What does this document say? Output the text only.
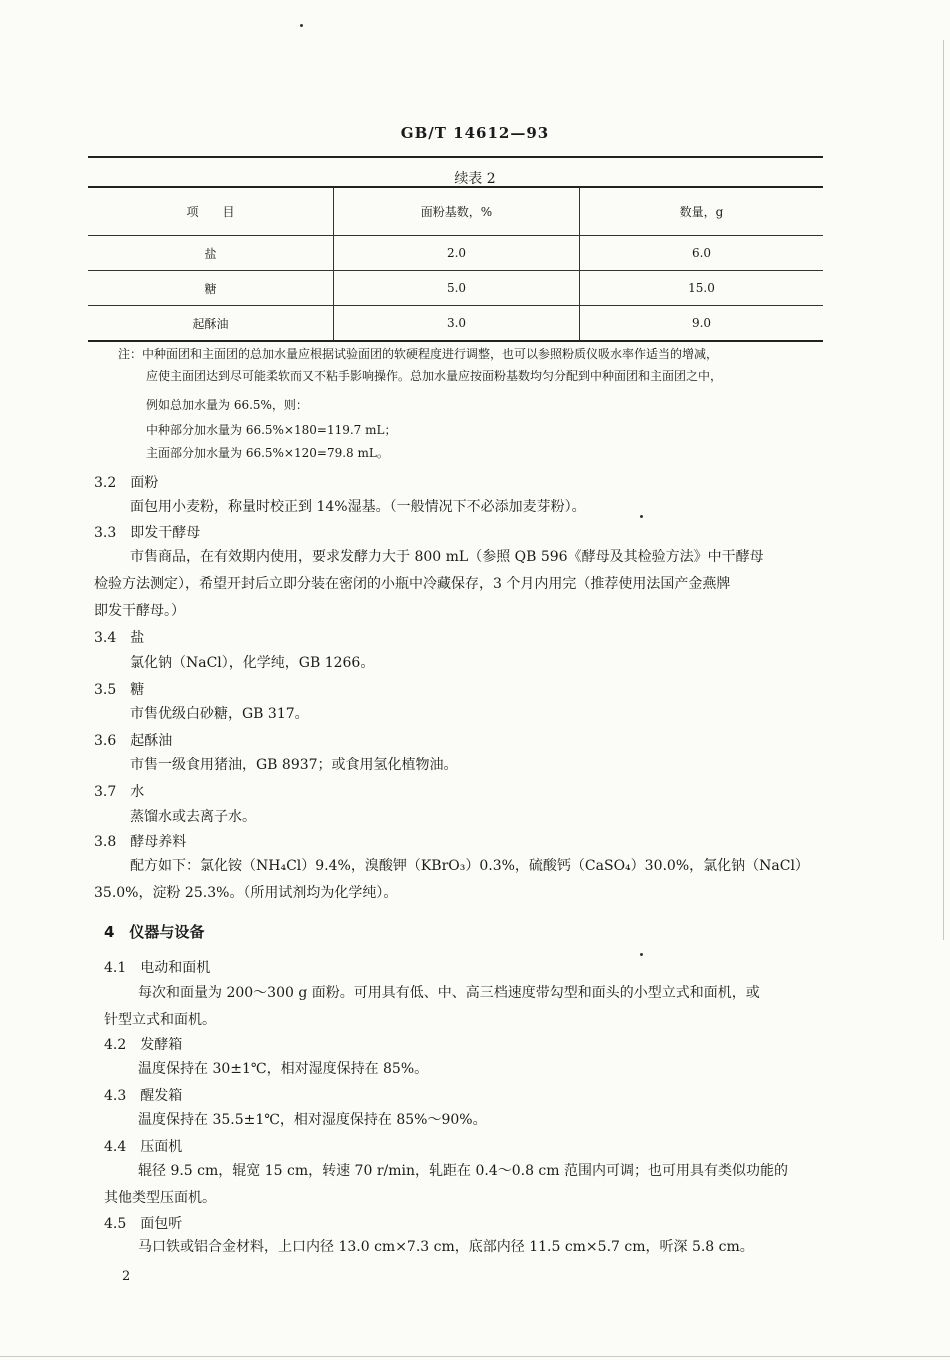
GB/T 14612—93
续表 2
项　　目	面粉基数，%	数量，g
盐	2.0	6.0
糖	5.0	15.0
起酥油	3.0	9.0
注：中种面团和主面团的总加水量应根据试验面团的软硬程度进行调整，也可以参照粉质仪吸水率作适当的增减，
应使主面团达到尽可能柔软而又不粘手影响操作。总加水量应按面粉基数均匀分配到中种面团和主面团之中，
例如总加水量为 66.5%，则：
中种部分加水量为 66.5%×180=119.7 mL；
主面部分加水量为 66.5%×120=79.8 mL。
3.2　面粉
面包用小麦粉，称量时校正到 14%湿基。（一般情况下不必添加麦芽粉）。
3.3　即发干酵母
市售商品，在有效期内使用，要求发酵力大于 800 mL（参照 QB 596《酵母及其检验方法》中干酵母
检验方法测定），希望开封后立即分装在密闭的小瓶中冷藏保存，3 个月内用完（推荐使用法国产金燕牌
即发干酵母。）
3.4　盐
氯化钠（NaCl），化学纯，GB 1266。
3.5　糖
市售优级白砂糖，GB 317。
3.6　起酥油
市售一级食用猪油，GB 8937；或食用氢化植物油。
3.7　水
蒸馏水或去离子水。
3.8　酵母养料
配方如下：氯化铵（NH₄Cl）9.4%，溴酸钾（KBrO₃）0.3%，硫酸钙（CaSO₄）30.0%，氯化钠（NaCl）
35.0%，淀粉 25.3%。（所用试剂均为化学纯）。
4　仪器与设备
4.1　电动和面机
每次和面量为 200～300 g 面粉。可用具有低、中、高三档速度带勾型和面头的小型立式和面机，或
针型立式和面机。
4.2　发酵箱
温度保持在 30±1℃，相对湿度保持在 85%。
4.3　醒发箱
温度保持在 35.5±1℃，相对湿度保持在 85%～90%。
4.4　压面机
辊径 9.5 cm，辊宽 15 cm，转速 70 r/min，轧距在 0.4～0.8 cm 范围内可调；也可用具有类似功能的
其他类型压面机。
4.5　面包听
马口铁或铝合金材料，上口内径 13.0 cm×7.3 cm，底部内径 11.5 cm×5.7 cm，听深 5.8 cm。
2
